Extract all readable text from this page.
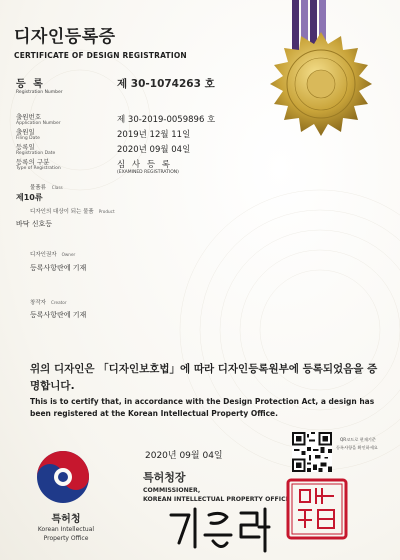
디자인등록증
CERTIFICATE OF DESIGN REGISTRATION
등 록
Registration Number
제 30-1074263 호
출원번호
Application Number	제 30-2019-0059896 호
출원일
Filing Date	2019년 12월 11일
등록일
Registration Date	2020년 09월 04일
등록의 구분
Type of Registration	심 사 등 록
(EXAMINED REGISTRATION)
물품류 Class
제10류
디자인의 대상이 되는 물품 Product
바닥 신호등
디자인권자 Owner
등록사항란에 기재
창작자 Creator
등록사항란에 기재
위의 디자인은 「디자인보호법」에 따라 디자인등록원부에 등록되었음을 증명합니다.
This is to certify that, in accordance with the Design Protection Act, a design has been registered at the Korean Intellectual Property Office.
2020년 09월 04일
특허청
Korean Intellectual
Property Office
특허청장
COMMISSIONER,
KOREAN INTELLECTUAL PROPERTY OFFICE
QR코드로 현재기준
등록사항을 확인하세요
